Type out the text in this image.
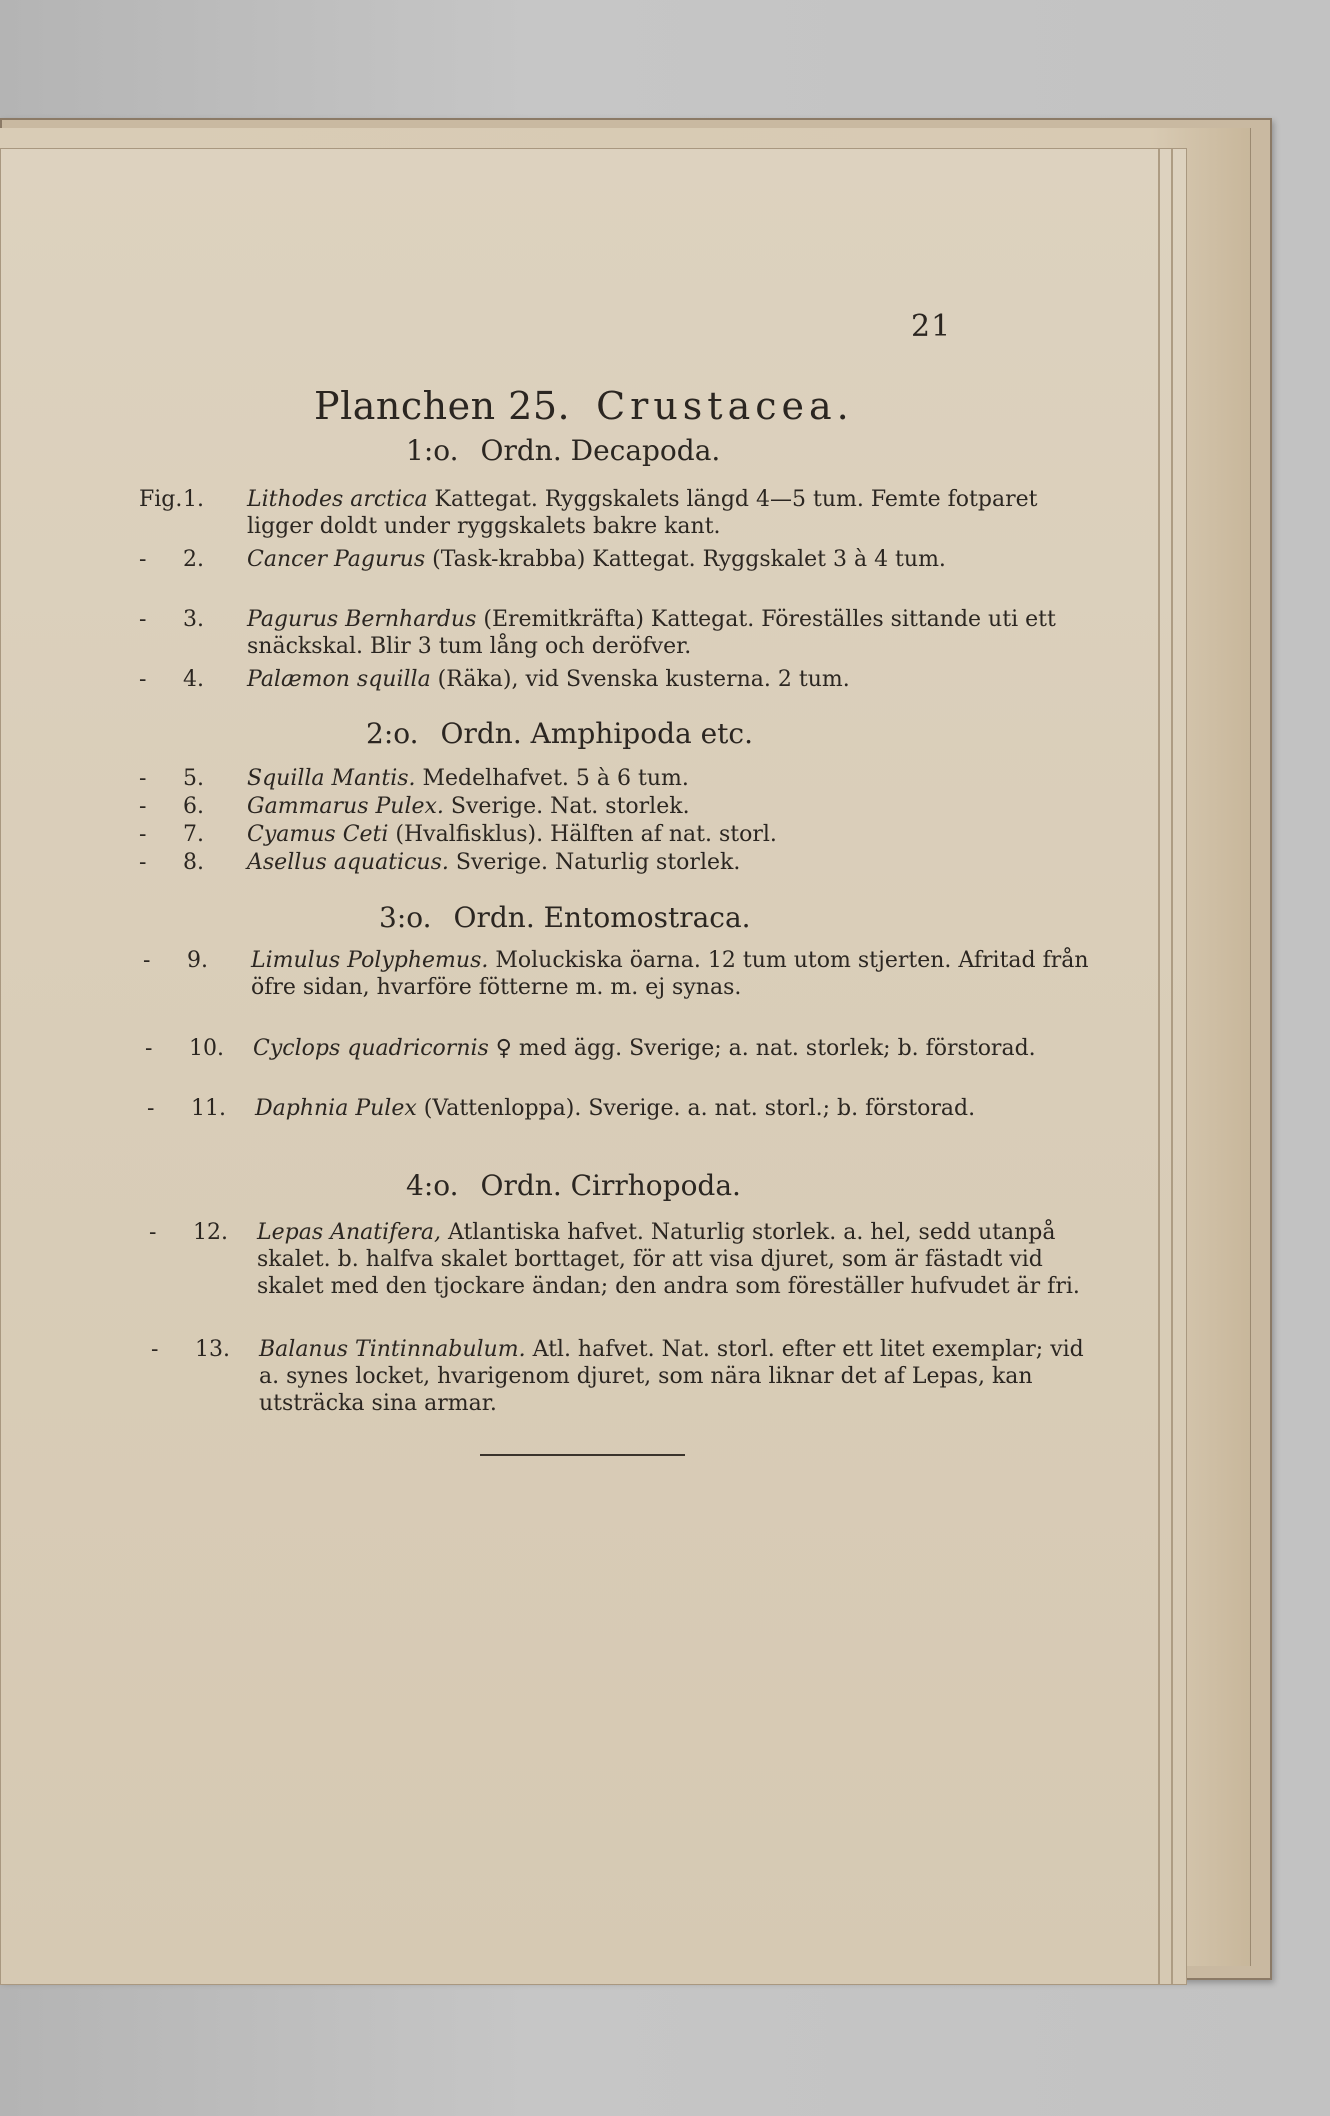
21
Planchen 25. Crustacea.
1:o. Ordn. Decapoda.
Fig.1.	Lithodes arctica Kattegat. Ryggskalets längd 4—5 tum. Femte fotparet ligger doldt under ryggskalets bakre kant.
- 2.	Cancer Pagurus (Task-krabba) Kattegat. Ryggskalet 3 à 4 tum.
- 3.	Pagurus Bernhardus (Eremitkräfta) Kattegat. Föreställes sittande uti ett snäckskal. Blir 3 tum lång och deröfver.
- 4.	Palæmon squilla (Räka), vid Svenska kusterna. 2 tum.
2:o. Ordn. Amphipoda etc.
- 5.	Squilla Mantis. Medelhafvet. 5 à 6 tum.
- 6.	Gammarus Pulex. Sverige. Nat. storlek.
- 7.	Cyamus Ceti (Hvalfisklus). Hälften af nat. storl.
- 8.	Asellus aquaticus. Sverige. Naturlig storlek.
3:o. Ordn. Entomostraca.
- 9.	Limulus Polyphemus. Moluckiska öarna. 12 tum utom stjerten. Afritad från öfre sidan, hvarföre fötterne m. m. ej synas.
- 10.	Cyclops quadricornis ♀ med ägg. Sverige; a. nat. storlek; b. förstorad.
- 11.	Daphnia Pulex (Vattenloppa). Sverige. a. nat. storl.; b. förstorad.
4:o. Ordn. Cirrhopoda.
- 12.	Lepas Anatifera, Atlantiska hafvet. Naturlig storlek. a. hel, sedd utanpå skalet. b. halfva skalet borttaget, för att visa djuret, som är fästadt vid skalet med den tjockare ändan; den andra som föreställer hufvudet är fri.
- 13.	Balanus Tintinnabulum. Atl. hafvet. Nat. storl. efter ett litet exemplar; vid a. synes locket, hvarigenom djuret, som nära liknar det af Lepas, kan utsträcka sina armar.
